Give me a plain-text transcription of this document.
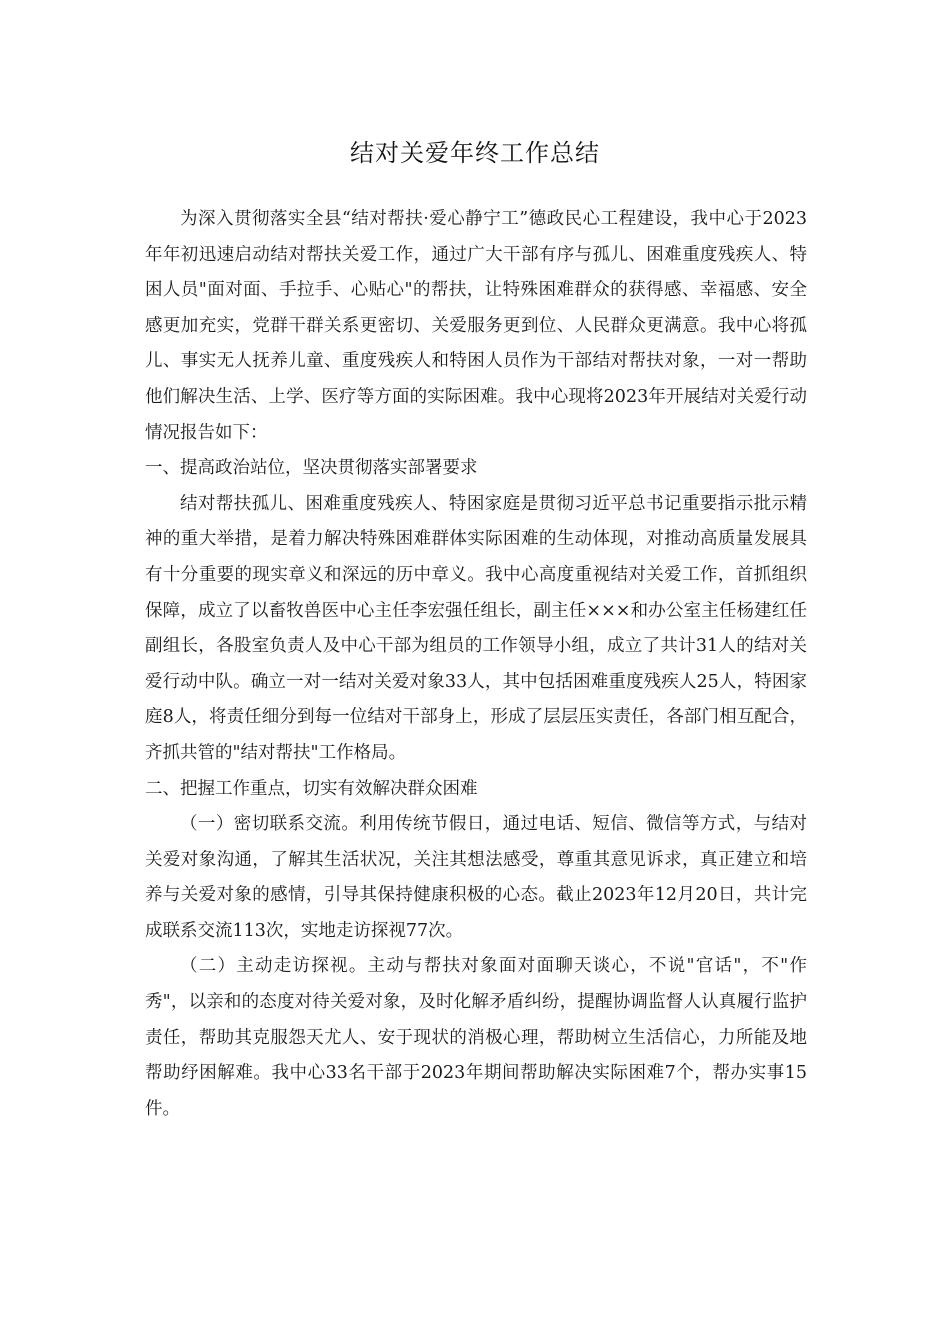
结对关爱年终工作总结

为深入贯彻落实全县“结对帮扶·爱心静宁工”德政民心工程建设，我中心于2023年年初迅速启动结对帮扶关爱工作，通过广大干部有序与孤儿、困难重度残疾人、特困人员"面对面、手拉手、心贴心"的帮扶，让特殊困难群众的获得感、幸福感、安全感更加充实，党群干群关系更密切、关爱服务更到位、人民群众更满意。我中心将孤儿、事实无人抚养儿童、重度残疾人和特困人员作为干部结对帮扶对象，一对一帮助他们解决生活、上学、医疗等方面的实际困难。我中心现将2023年开展结对关爱行动情况报告如下：

一、提高政治站位，坚决贯彻落实部署要求

结对帮扶孤儿、困难重度残疾人、特困家庭是贯彻习近平总书记重要指示批示精神的重大举措，是着力解决特殊困难群体实际困难的生动体现，对推动高质量发展具有十分重要的现实章义和深远的历中章义。我中心高度重视结对关爱工作，首抓组织保障，成立了以畜牧兽医中心主任李宏强任组长，副主任×××和办公室主任杨建红任副组长，各股室负责人及中心干部为组员的工作领导小组，成立了共计31人的结对关爱行动中队。确立一对一结对关爱对象33人，其中包括困难重度残疾人25人，特困家庭8人，将责任细分到每一位结对干部身上，形成了层层压实责任，各部门相互配合，齐抓共管的"结对帮扶"工作格局。

二、把握工作重点，切实有效解决群众困难

（一）密切联系交流。利用传统节假日，通过电话、短信、微信等方式，与结对关爱对象沟通，了解其生活状况，关注其想法感受，尊重其意见诉求，真正建立和培养与关爱对象的感情，引导其保持健康积极的心态。截止2023年12月20日，共计完成联系交流113次，实地走访探视77次。

（二）主动走访探视。主动与帮扶对象面对面聊天谈心，不说"官话"，不"作秀"，以亲和的态度对待关爱对象，及时化解矛盾纠纷，提醒协调监督人认真履行监护责任，帮助其克服怨天尤人、安于现状的消极心理，帮助树立生活信心，力所能及地帮助纾困解难。我中心33名干部于2023年期间帮助解决实际困难7个，帮办实事15件。
